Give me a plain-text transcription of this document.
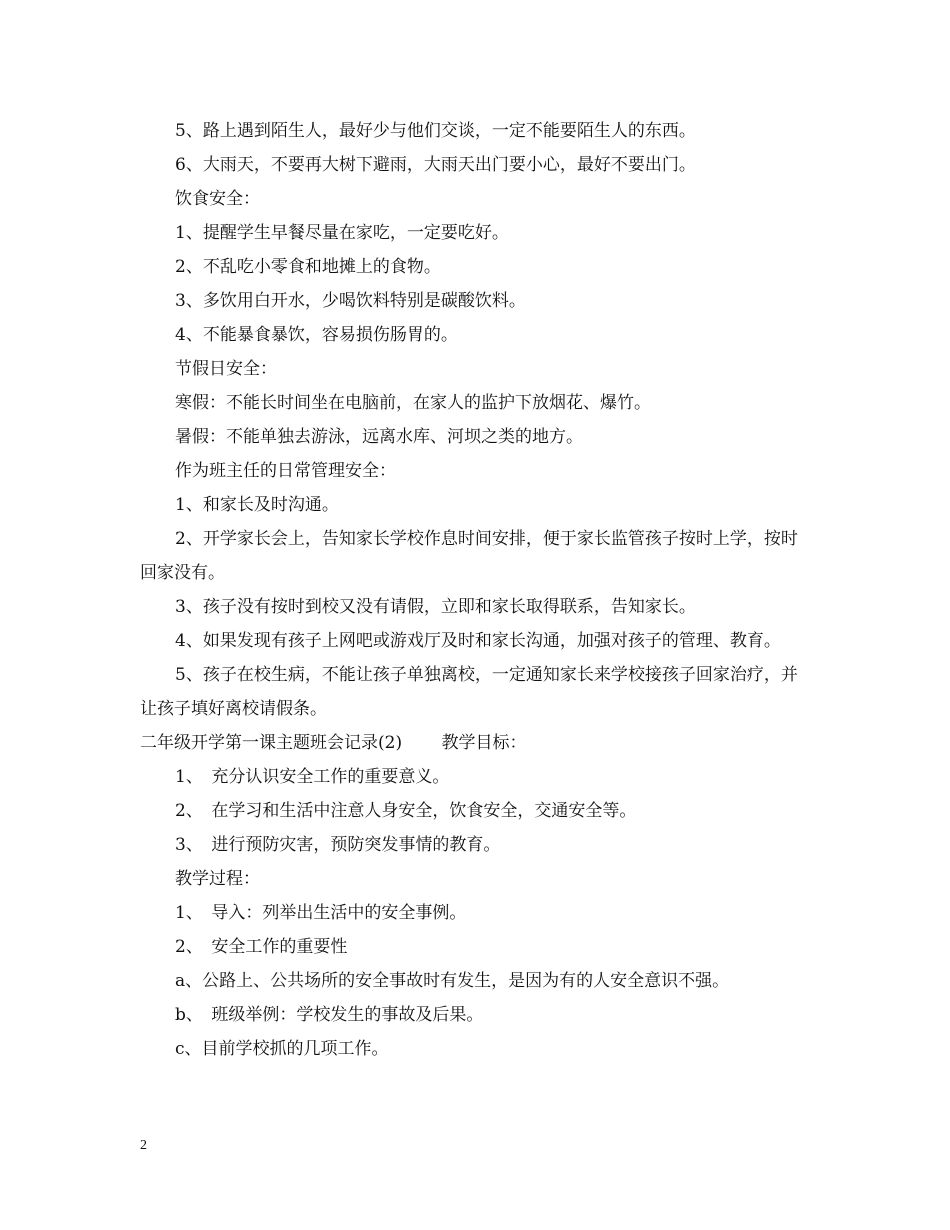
5、路上遇到陌生人，最好少与他们交谈，一定不能要陌生人的东西。

6、大雨天，不要再大树下避雨，大雨天出门要小心，最好不要出门。

饮食安全：

1、提醒学生早餐尽量在家吃，一定要吃好。

2、不乱吃小零食和地摊上的食物。

3、多饮用白开水，少喝饮料特别是碳酸饮料。

4、不能暴食暴饮，容易损伤肠胃的。

节假日安全：

寒假：不能长时间坐在电脑前，在家人的监护下放烟花、爆竹。

暑假：不能单独去游泳，远离水库、河坝之类的地方。

作为班主任的日常管理安全：

1、和家长及时沟通。

2、开学家长会上，告知家长学校作息时间安排，便于家长监管孩子按时上学，按时回家没有。

3、孩子没有按时到校又没有请假，立即和家长取得联系，告知家长。

4、如果发现有孩子上网吧或游戏厅及时和家长沟通，加强对孩子的管理、教育。

5、孩子在校生病，不能让孩子单独离校，一定通知家长来学校接孩子回家治疗，并让孩子填好离校请假条。

二年级开学第一课主题班会记录(2)　　 教学目标：

1、　充分认识安全工作的重要意义。

2、　在学习和生活中注意人身安全，饮食安全，交通安全等。

3、　进行预防灾害，预防突发事情的教育。

教学过程：

1、　导入：列举出生活中的安全事例。

2、　安全工作的重要性

a、公路上、公共场所的安全事故时有发生，是因为有的人安全意识不强。

b、　班级举例：学校发生的事故及后果。

c、目前学校抓的几项工作。

2
